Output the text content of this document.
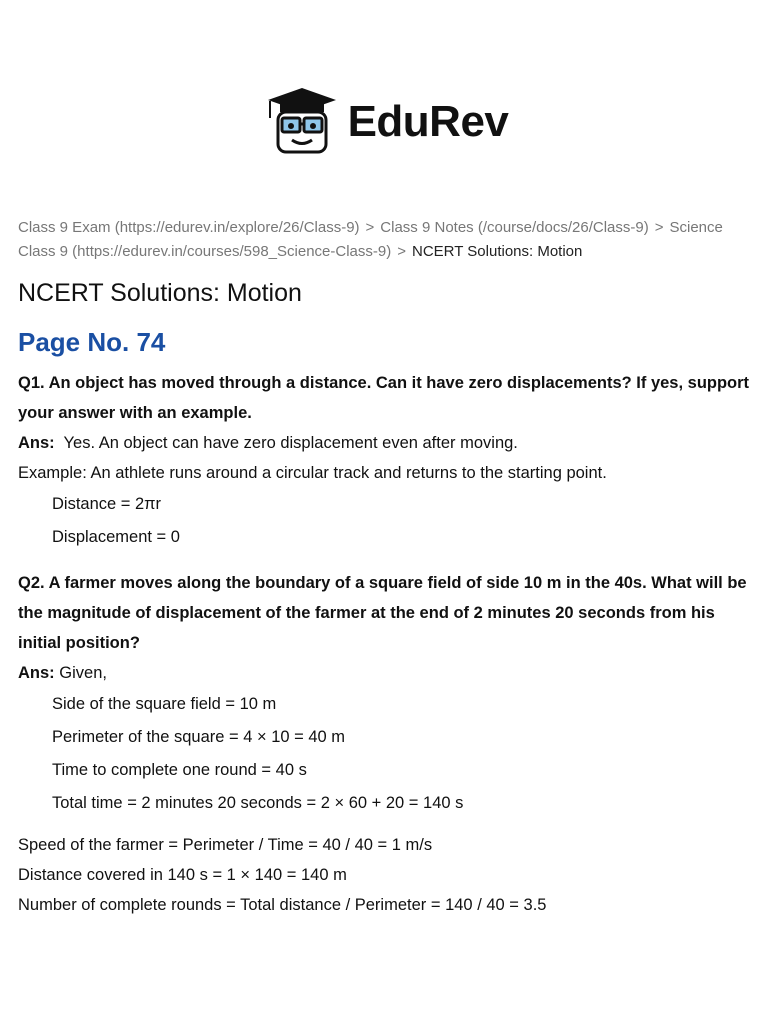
EduRev
Class 9 Exam (https://edurev.in/explore/26/Class-9) > Class 9 Notes (/course/docs/26/Class-9) > Science Class 9 (https://edurev.in/courses/598_Science-Class-9) > NCERT Solutions: Motion
NCERT Solutions: Motion
Page No. 74

Q1. An object has moved through a distance. Can it have zero displacements? If yes, support your answer with an example.

Ans: Yes. An object can have zero displacement even after moving.

Example: An athlete runs around a circular track and returns to the starting point.

Distance = 2πr

Displacement = 0

Q2. A farmer moves along the boundary of a square field of side 10 m in the 40s. What will be the magnitude of displacement of the farmer at the end of 2 minutes 20 seconds from his initial position?

Ans: Given,

Side of the square field = 10 m

Perimeter of the square = 4 × 10 = 40 m

Time to complete one round = 40 s

Total time = 2 minutes 20 seconds = 2 × 60 + 20 = 140 s

Speed of the farmer = Perimeter / Time = 40 / 40 = 1 m/s

Distance covered in 140 s = 1 × 140 = 140 m

Number of complete rounds = Total distance / Perimeter = 140 / 40 = 3.5
